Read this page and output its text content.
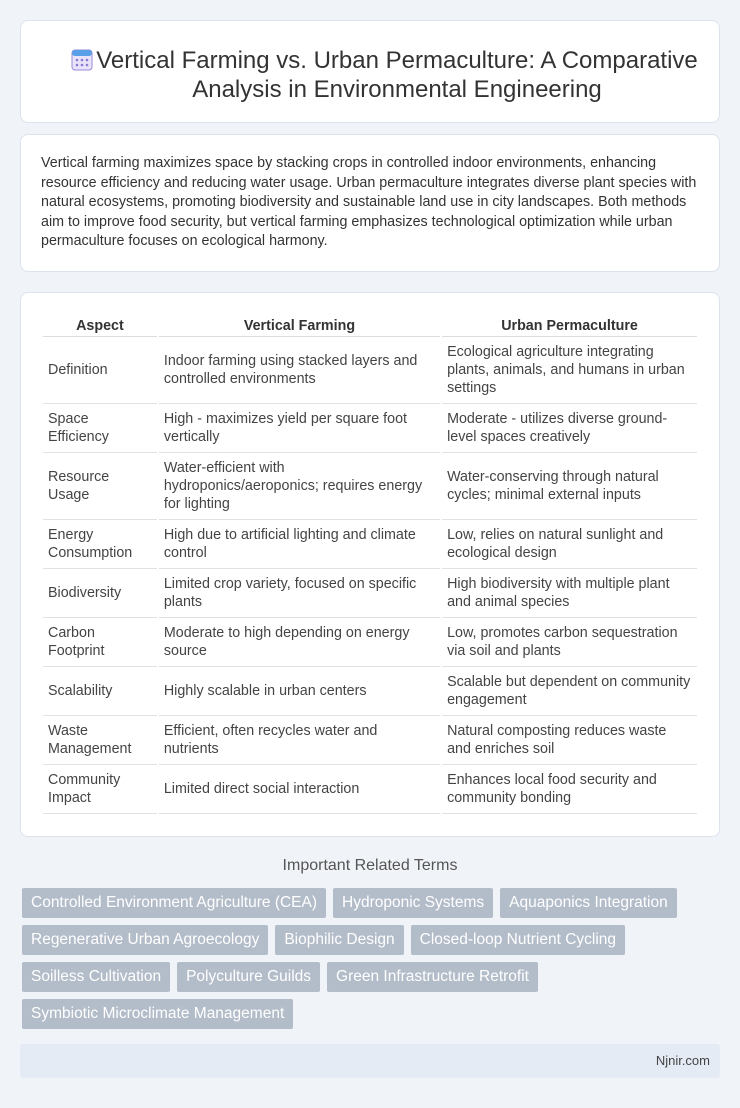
Vertical Farming vs. Urban Permaculture: A Comparative Analysis in Environmental Engineering

Vertical farming maximizes space by stacking crops in controlled indoor environments, enhancing resource efficiency and reducing water usage. Urban permaculture integrates diverse plant species with natural ecosystems, promoting biodiversity and sustainable land use in city landscapes. Both methods aim to improve food security, but vertical farming emphasizes technological optimization while urban permaculture focuses on ecological harmony.

Aspect	Vertical Farming	Urban Permaculture
Definition	Indoor farming using stacked layers and controlled environments	Ecological agriculture integrating plants, animals, and humans in urban settings
Space Efficiency	High - maximizes yield per square foot vertically	Moderate - utilizes diverse ground-level spaces creatively
Resource Usage	Water-efficient with hydroponics/aeroponics; requires energy for lighting	Water-conserving through natural cycles; minimal external inputs
Energy Consumption	High due to artificial lighting and climate control	Low, relies on natural sunlight and ecological design
Biodiversity	Limited crop variety, focused on specific plants	High biodiversity with multiple plant and animal species
Carbon Footprint	Moderate to high depending on energy source	Low, promotes carbon sequestration via soil and plants
Scalability	Highly scalable in urban centers	Scalable but dependent on community engagement
Waste Management	Efficient, often recycles water and nutrients	Natural composting reduces waste and enriches soil
Community Impact	Limited direct social interaction	Enhances local food security and community bonding
Important Related Terms
Controlled Environment Agriculture (CEA)	Hydroponic Systems	Aquaponics Integration
Regenerative Urban Agroecology	Biophilic Design	Closed-loop Nutrient Cycling
Soilless Cultivation	Polyculture Guilds	Green Infrastructure Retrofit
Symbiotic Microclimate Management
Njnir.com
